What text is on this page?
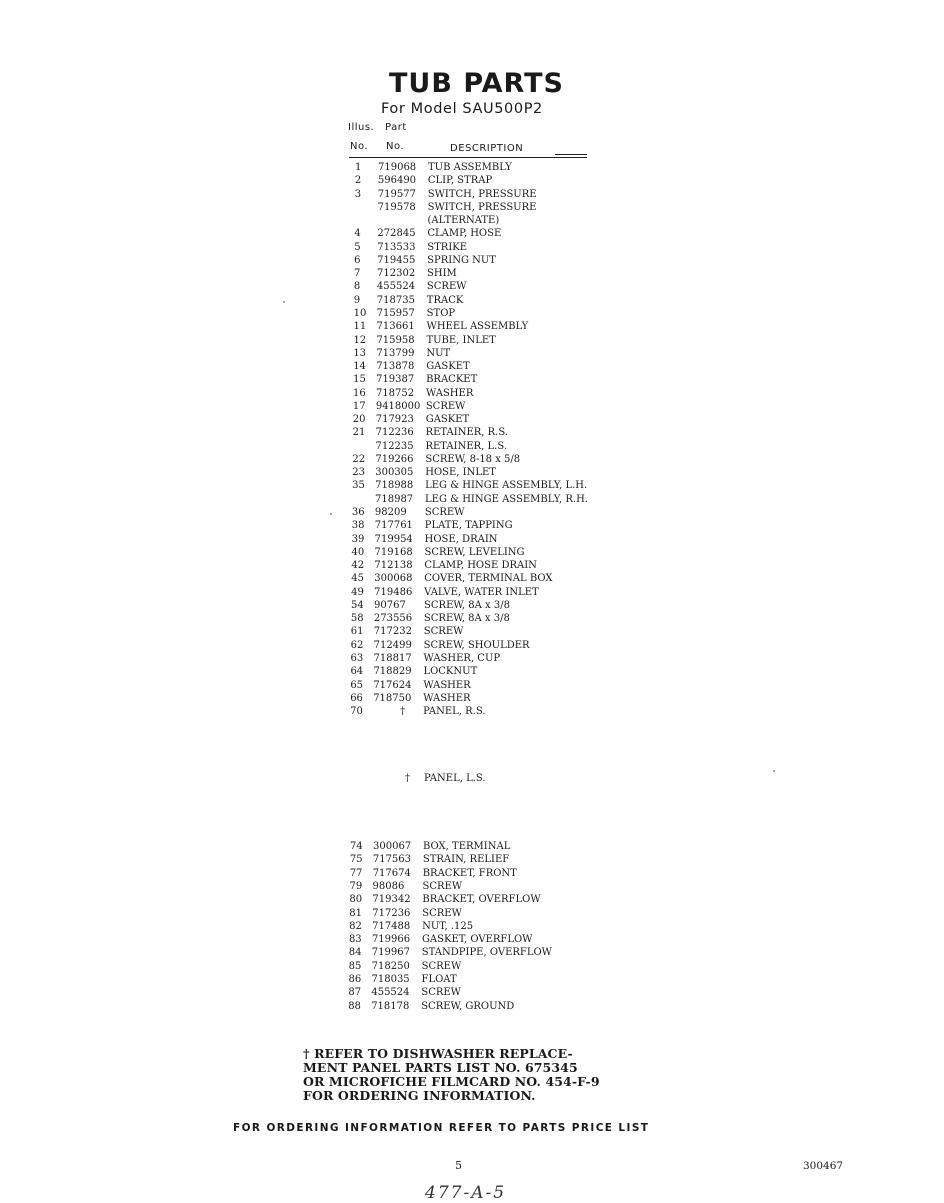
TUB PARTS
For Model SAU500P2
Illus. Part
No. No.	DESCRIPTION
1 719068 TUB ASSEMBLY
2 596490 CLIP, STRAP
3 719577 SWITCH, PRESSURE
719578 SWITCH, PRESSURE
(ALTERNATE)
4 272845 CLAMP, HOSE
5 713533 STRIKE
6 719455 SPRING NUT
7 712302 SHIM
8 455524 SCREW
9 718735 TRACK
10 715957 STOP
11 713661 WHEEL ASSEMBLY
12 715958 TUBE, INLET
13 713799 NUT
14 713878 GASKET
15 719387 BRACKET
16 718752 WASHER
17 9418000 SCREW
20 717923 GASKET
21 712236 RETAINER, R.S.
712235 RETAINER, L.S.
22 719266 SCREW, 8-18 x 5/8
23 300305 HOSE, INLET
35 718988 LEG & HINGE ASSEMBLY, L.H.
718987 LEG & HINGE ASSEMBLY, R.H.
36 98209 SCREW
38 717761 PLATE, TAPPING
39 719954 HOSE, DRAIN
40 719168 SCREW, LEVELING
42 712138 CLAMP, HOSE DRAIN
45 300068 COVER, TERMINAL BOX
49 719486 VALVE, WATER INLET
54 90767 SCREW, 8A x 3/8
58 273556 SCREW, 8A x 3/8
61 717232 SCREW
62 712499 SCREW, SHOULDER
63 718817 WASHER, CUP
64 718829 LOCKNUT
65 717624 WASHER
66 718750 WASHER
70	† PANEL, R.S.
† PANEL, L.S.
74 300067 BOX, TERMINAL
75 717563 STRAIN, RELIEF
77 717674 BRACKET, FRONT
79 98086 SCREW
80 719342 BRACKET, OVERFLOW
81 717236 SCREW
82 717488 NUT, .125
83 719966 GASKET, OVERFLOW
84 719967 STANDPIPE, OVERFLOW
85 718250 SCREW
86 718035 FLOAT
87 455524 SCREW
88 718178 SCREW, GROUND
† REFER TO DISHWASHER REPLACE-
MENT PANEL PARTS LIST NO. 675345
OR MICROFICHE FILMCARD NO. 454-F-9
FOR ORDERING INFORMATION.
FOR ORDERING INFORMATION REFER TO PARTS PRICE LIST
5	300467
477-A-5
